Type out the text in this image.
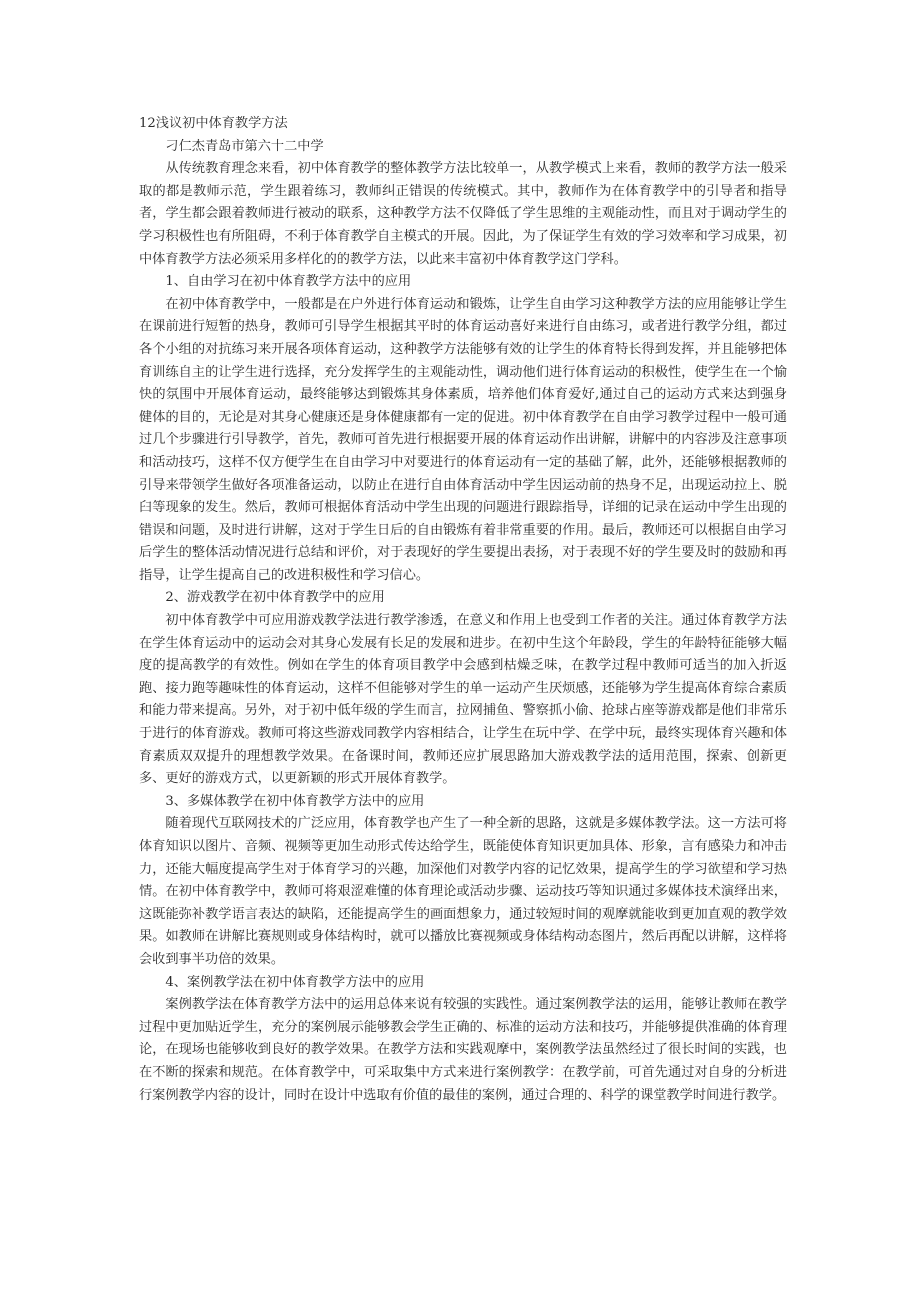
12浅议初中体育教学方法

刁仁杰青岛市第六十二中学

从传统教育理念来看，初中体育教学的整体教学方法比较单一，从教学模式上来看，教师的教学方法一般采取的都是教师示范，学生跟着练习，教师纠正错误的传统模式。其中，教师作为在体育教学中的引导者和指导者，学生都会跟着教师进行被动的联系，这种教学方法不仅降低了学生思维的主观能动性，而且对于调动学生的学习积极性也有所阻碍，不利于体育教学自主模式的开展。因此，为了保证学生有效的学习效率和学习成果，初中体育教学方法必须采用多样化的的教学方法，以此来丰富初中体育教学这门学科。

1、自由学习在初中体育教学方法中的应用

在初中体育教学中，一般都是在户外进行体育运动和锻炼，让学生自由学习这种教学方法的应用能够让学生在课前进行短暂的热身，教师可引导学生根据其平时的体育运动喜好来进行自由练习，或者进行教学分组，都过各个小组的对抗练习来开展各项体育运动，这种教学方法能够有效的让学生的体育特长得到发挥，并且能够把体育训练自主的让学生进行选择，充分发挥学生的主观能动性，调动他们进行体育运动的积极性，使学生在一个愉快的氛围中开展体育运动，最终能够达到锻炼其身体素质，培养他们体育爱好,通过自己的运动方式来达到强身健体的目的，无论是对其身心健康还是身体健康都有一定的促进。初中体育教学在自由学习教学过程中一般可通过几个步骤进行引导教学，首先，教师可首先进行根据要开展的体育运动作出讲解，讲解中的内容涉及注意事项和活动技巧，这样不仅方便学生在自由学习中对要进行的体育运动有一定的基础了解，此外，还能够根据教师的引导来带领学生做好各项准备运动，以防止在进行自由体育活动中学生因运动前的热身不足，出现运动拉上、脱臼等现象的发生。然后，教师可根据体育活动中学生出现的问题进行跟踪指导，详细的记录在运动中学生出现的错误和问题，及时进行讲解，这对于学生日后的自由锻炼有着非常重要的作用。最后，教师还可以根据自由学习后学生的整体活动情况进行总结和评价，对于表现好的学生要提出表扬，对于表现不好的学生要及时的鼓励和再指导，让学生提高自己的改进积极性和学习信心。

2、游戏教学在初中体育教学中的应用

初中体育教学中可应用游戏教学法进行教学渗透，在意义和作用上也受到工作者的关注。通过体育教学方法在学生体育运动中的运动会对其身心发展有长足的发展和进步。在初中生这个年龄段，学生的年龄特征能够大幅度的提高教学的有效性。例如在学生的体育项目教学中会感到枯燥乏味，在教学过程中教师可适当的加入折返跑、接力跑等趣味性的体育运动，这样不但能够对学生的单一运动产生厌烦感，还能够为学生提高体育综合素质和能力带来提高。另外，对于初中低年级的学生而言，拉网捕鱼、警察抓小偷、抢球占座等游戏都是他们非常乐于进行的体育游戏。教师可将这些游戏同教学内容相结合，让学生在玩中学、在学中玩，最终实现体育兴趣和体育素质双双提升的理想教学效果。在备课时间，教师还应扩展思路加大游戏教学法的适用范围，探索、创新更多、更好的游戏方式，以更新颖的形式开展体育教学。

3、多媒体教学在初中体育教学方法中的应用

随着现代互联网技术的广泛应用，体育教学也产生了一种全新的思路，这就是多媒体教学法。这一方法可将体育知识以图片、音频、视频等更加生动形式传达给学生，既能使体育知识更加具体、形象，言有感染力和冲击力，还能大幅度提高学生对于体育学习的兴趣，加深他们对教学内容的记忆效果，提高学生的学习欲望和学习热情。在初中体育教学中，教师可将艰涩难懂的体育理论或活动步骤、运动技巧等知识通过多媒体技术演绎出来，这既能弥补教学语言表达的缺陷，还能提高学生的画面想象力，通过较短时间的观摩就能收到更加直观的教学效果。如教师在讲解比赛规则或身体结构时，就可以播放比赛视频或身体结构动态图片，然后再配以讲解，这样将会收到事半功倍的效果。

4、案例教学法在初中体育教学方法中的应用

案例教学法在体育教学方法中的运用总体来说有较强的实践性。通过案例教学法的运用，能够让教师在教学过程中更加贴近学生，充分的案例展示能够教会学生正确的、标准的运动方法和技巧，并能够提供准确的体育理论，在现场也能够收到良好的教学效果。在教学方法和实践观摩中，案例教学法虽然经过了很长时间的实践，也在不断的探索和规范。在体育教学中，可采取集中方式来进行案例教学：在教学前，可首先通过对自身的分析进行案例教学内容的设计，同时在设计中选取有价值的最佳的案例，通过合理的、科学的课堂教学时间进行教学。
